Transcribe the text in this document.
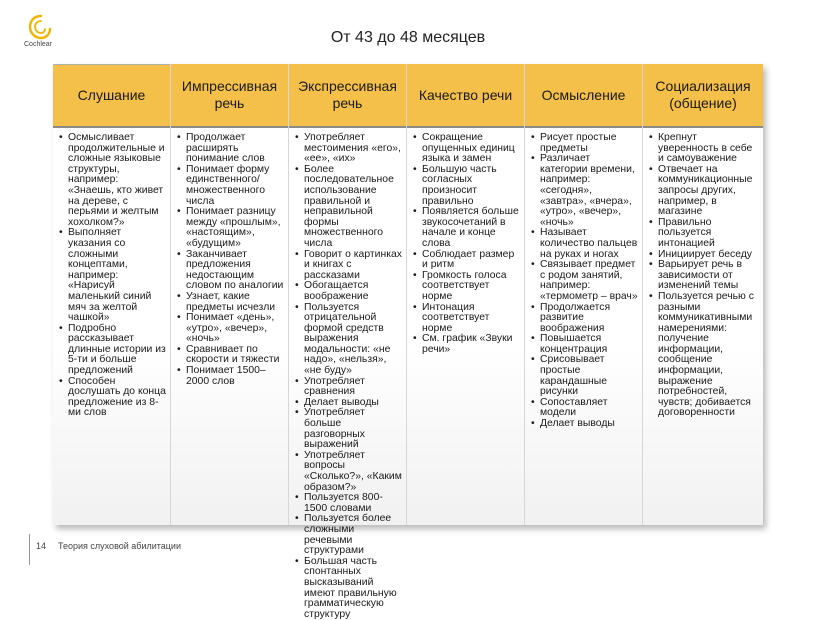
Cochlear	От 43 до 48 месяцев
Слушание
• Осмысливает продолжительные и сложные языковые структуры, например: «Знаешь, кто живет на дереве, с перьями и желтым хохолком?»
• Выполняет указания со сложными концептами, например: «Нарисуй маленький синий мяч за желтой чашкой»
• Подробно рассказывает длинные истории из 5-ти и больше предложений
• Способен дослушать до конца предложение из 8-ми слов
Импрессивная речь
• Продолжает расширять понимание слов
• Понимает форму единственного/ множественного числа
• Понимает разницу между «прошлым», «настоящим», «будущим»
• Заканчивает предложения недостающим словом по аналогии
• Узнает, какие предметы исчезли
• Понимает «день», «утро», «вечер», «ночь»
• Сравнивает по скорости и тяжести
• Понимает 1500–2000 слов
Экспрессивная речь
• Употребляет местоимения «его», «ее», «их»
• Более последовательное использование правильной и неправильной формы множественного числа
• Говорит о картинках и книгах с рассказами
• Обогащается воображение
• Пользуется отрицательной формой средств выражения модальности: «не надо», «нельзя», «не буду»
• Употребляет сравнения
• Делает выводы
• Употребляет больше разговорных выражений
• Употребляет вопросы «Сколько?», «Каким образом?»
• Пользуется 800-1500 словами
• Пользуется более сложными речевыми структурами
• Большая часть спонтанных высказываний имеют правильную грамматическую структуру
Качество речи
• Сокращение опущенных единиц языка и замен
• Большую часть согласных произносит правильно
• Появляется больше звукосочетаний в начале и конце слова
• Соблюдает размер и ритм
• Громкость голоса соответствует норме
• Интонация соответствует норме
• См. график «Звуки речи»
Осмысление
• Рисует простые предметы
• Различает категории времени, например: «сегодня», «завтра», «вчера», «утро», «вечер», «ночь»
• Называет количество пальцев на руках и ногах
• Связывает предмет с родом занятий, например: «термометр – врач»
• Продолжается развитие воображения
• Повышается концентрация
• Срисовывает простые карандашные рисунки
• Сопоставляет модели
• Делает выводы
Социализация (общение)
• Крепнут уверенность в себе и самоуважение
• Отвечает на коммуникационные запросы других, например, в магазине
• Правильно пользуется интонацией
• Инициирует беседу
• Варьирует речь в зависимости от изменений темы
• Пользуется речью с разными коммуникативными намерениями: получение информации, сообщение информации, выражение потребностей, чувств; добивается договоренности
14 Теория слуховой абилитации
